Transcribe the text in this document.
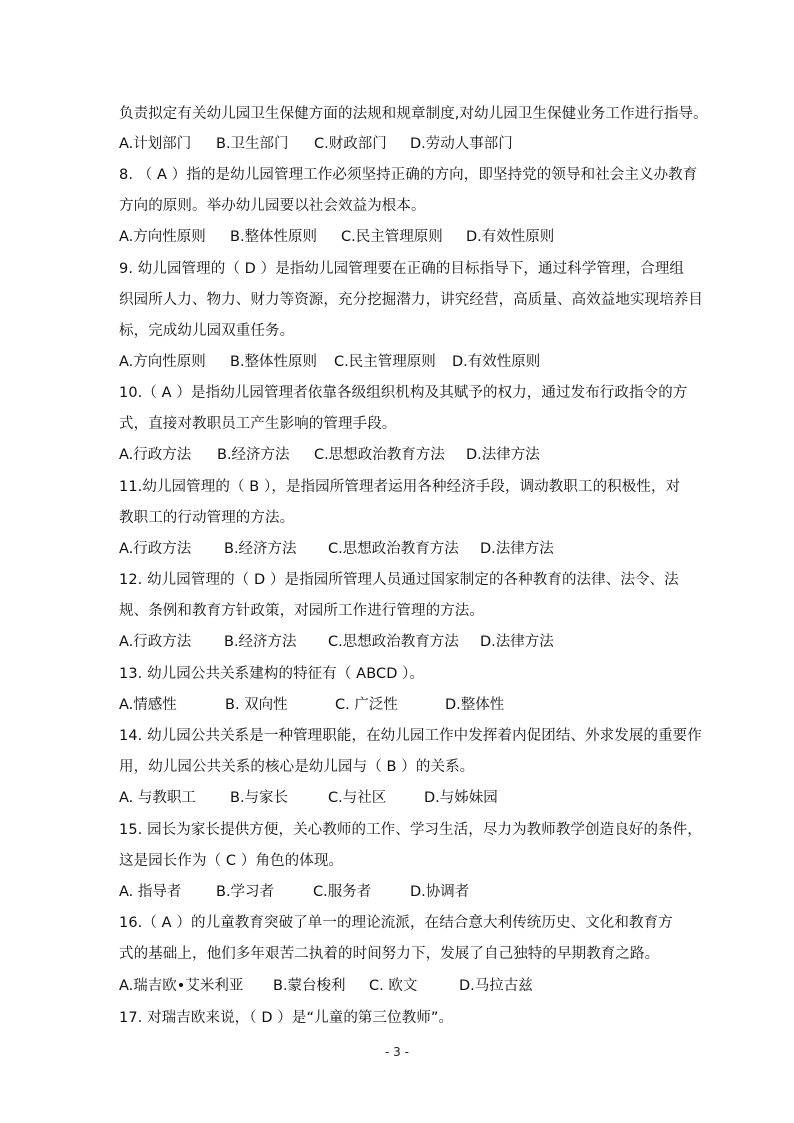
负责拟定有关幼儿园卫生保健方面的法规和规章制度,对幼儿园卫生保健业务工作进行指导。
A.计划部门 B.卫生部门 C.财政部门 D.劳动人事部门
8. （ A ）指的是幼儿园管理工作必须坚持正确的方向，即坚持党的领导和社会主义办教育
方向的原则。举办幼儿园要以社会效益为根本。
A.方向性原则 B.整体性原则 C.民主管理原则 D.有效性原则
9. 幼儿园管理的（ D ）是指幼儿园管理要在正确的目标指导下，通过科学管理，合理组
织园所人力、物力、财力等资源，充分挖掘潜力，讲究经营，高质量、高效益地实现培养目
标，完成幼儿园双重任务。
A.方向性原则 B.整体性原则 C.民主管理原则 D.有效性原则
10.（ A ）是指幼儿园管理者依靠各级组织机构及其赋予的权力，通过发布行政指令的方
式，直接对教职员工产生影响的管理手段。
A.行政方法 B.经济方法 C.思想政治教育方法 D.法律方法
11.幼儿园管理的（ B ），是指园所管理者运用各种经济手段，调动教职工的积极性，对
教职工的行动管理的方法。
A.行政方法 B.经济方法 C.思想政治教育方法 D.法律方法
12. 幼儿园管理的（ D ）是指园所管理人员通过国家制定的各种教育的法律、法令、法
规、条例和教育方针政策，对园所工作进行管理的方法。
A.行政方法 B.经济方法 C.思想政治教育方法 D.法律方法
13. 幼儿园公共关系建构的特征有（ ABCD ）。
A.情感性	B. 双向性	C. 广泛性	D.整体性
14. 幼儿园公共关系是一种管理职能，在幼儿园工作中发挥着内促团结、外求发展的重要作
用，幼儿园公共关系的核心是幼儿园与（ B ）的关系。
A. 与教职工 B.与家长	C.与社区	D.与姊妹园
15. 园长为家长提供方便，关心教师的工作、学习生活，尽力为教师教学创造良好的条件，
这是园长作为（ C ）角色的体现。
A. 指导者 B.学习者	C.服务者	D.协调者
16.（ A ）的儿童教育突破了单一的理论流派，在结合意大利传统历史、文化和教育方
式的基础上，他们多年艰苦二执着的时间努力下，发展了自己独特的早期教育之路。
A.瑞吉欧•艾米利亚 B.蒙台梭利 C. 欧文	D.马拉古兹
17. 对瑞吉欧来说，（ D ）是“儿童的第三位教师”。
- 3 -
